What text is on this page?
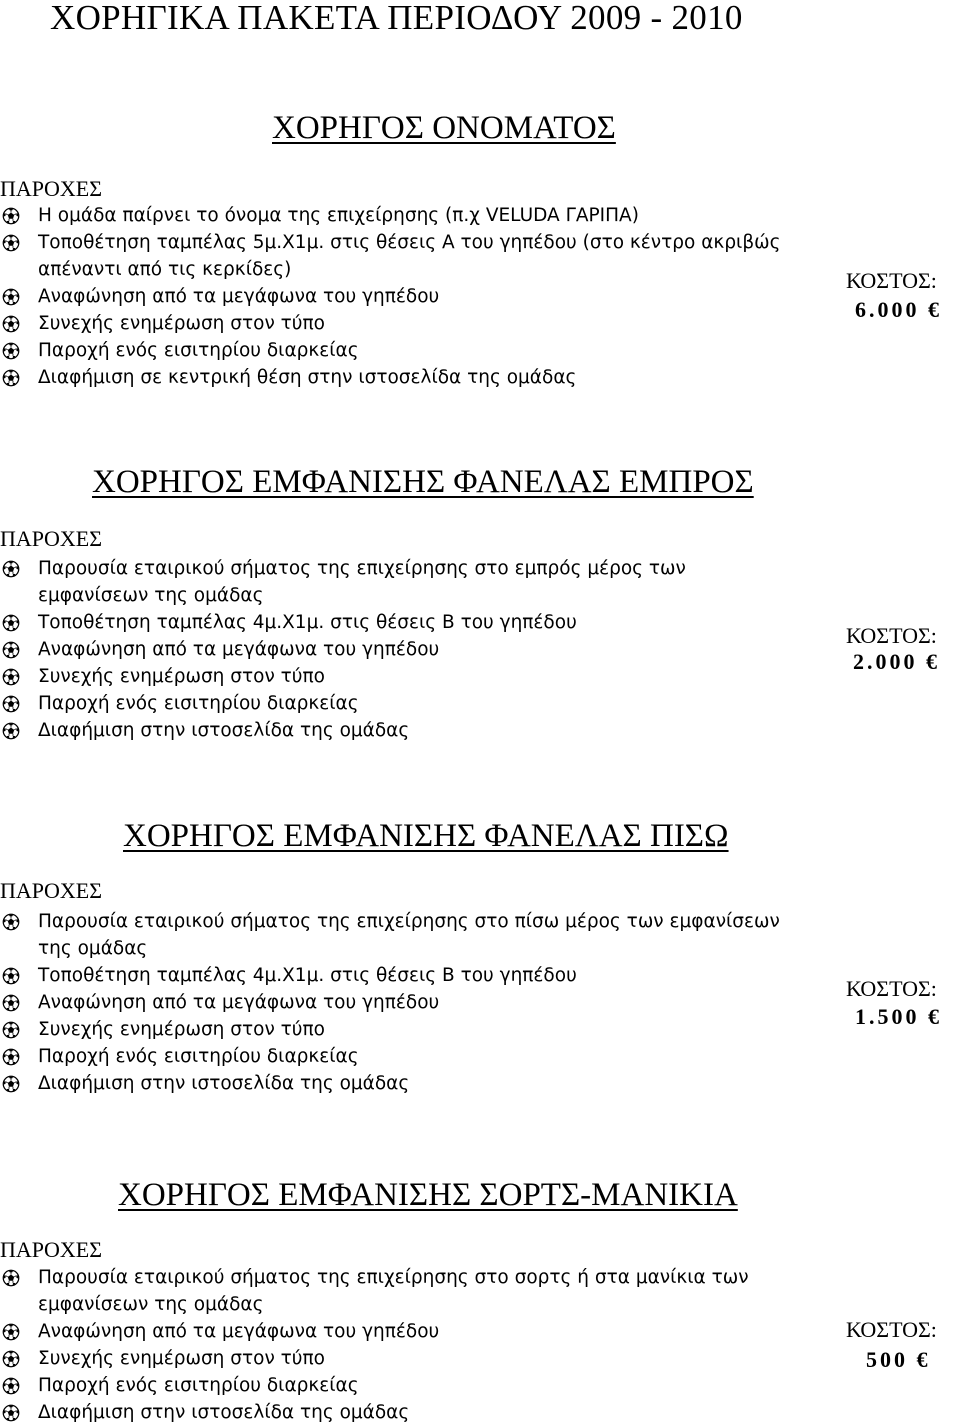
ΧΟΡΗΓΙΚΑ ΠΑΚΕΤΑ ΠΕΡΙΟΔΟΥ 2009 - 2010
ΧΟΡΗΓΟΣ ΟΝΟΜΑΤΟΣ
ΠΑΡΟΧΕΣ
Η ομάδα παίρνει το όνομα της επιχείρησης (π.χ VELUDA ΓΑΡΙΠΑ)
Τοποθέτηση ταμπέλας 5μ.Χ1μ. στις θέσεις Α του γηπέδου (στο κέντρο ακριβώς απέναντι από τις κερκίδες)
Αναφώνηση από τα μεγάφωνα του γηπέδου
Συνεχής ενημέρωση στον τύπο
Παροχή ενός εισιτηρίου διαρκείας
Διαφήμιση σε κεντρική θέση στην ιστοσελίδα της ομάδας
ΚΟΣΤΟΣ:
6.000 €
ΧΟΡΗΓΟΣ ΕΜΦΑΝΙΣΗΣ ΦΑΝΕΛΑΣ ΕΜΠΡΟΣ
ΠΑΡΟΧΕΣ
Παρουσία εταιρικού σήματος της επιχείρησης στο εμπρός μέρος των εμφανίσεων της ομάδας
Τοποθέτηση ταμπέλας 4μ.Χ1μ. στις θέσεις Β του γηπέδου
Αναφώνηση από τα μεγάφωνα του γηπέδου
Συνεχής ενημέρωση στον τύπο
Παροχή ενός εισιτηρίου διαρκείας
Διαφήμιση στην ιστοσελίδα της ομάδας
ΚΟΣΤΟΣ:
2.000 €
ΧΟΡΗΓΟΣ ΕΜΦΑΝΙΣΗΣ ΦΑΝΕΛΑΣ ΠΙΣΩ
ΠΑΡΟΧΕΣ
Παρουσία εταιρικού σήματος της επιχείρησης στο πίσω μέρος των εμφανίσεων της ομάδας
Τοποθέτηση ταμπέλας 4μ.Χ1μ. στις θέσεις Β του γηπέδου
Αναφώνηση από τα μεγάφωνα του γηπέδου
Συνεχής ενημέρωση στον τύπο
Παροχή ενός εισιτηρίου διαρκείας
Διαφήμιση στην ιστοσελίδα της ομάδας
ΚΟΣΤΟΣ:
1.500 €
ΧΟΡΗΓΟΣ ΕΜΦΑΝΙΣΗΣ ΣΟΡΤΣ-ΜΑΝΙΚΙΑ
ΠΑΡΟΧΕΣ
Παρουσία εταιρικού σήματος της επιχείρησης στο σορτς ή στα μανίκια των εμφανίσεων της ομάδας
Αναφώνηση από τα μεγάφωνα του γηπέδου
Συνεχής ενημέρωση στον τύπο
Παροχή ενός εισιτηρίου διαρκείας
Διαφήμιση στην ιστοσελίδα της ομάδας
ΚΟΣΤΟΣ:
500 €
